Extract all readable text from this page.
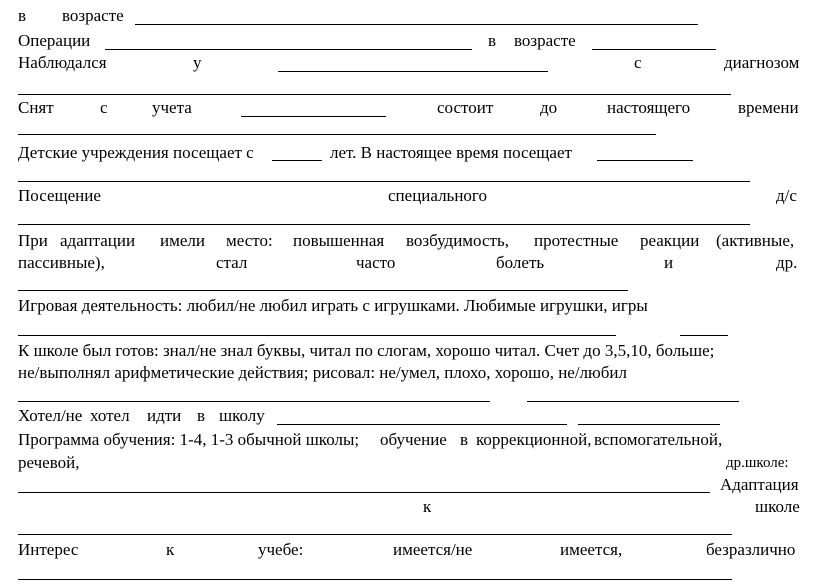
в возрасте
Операции	в возрасте
Наблюдался	у	с	диагнозом
Снят	с	учета	состоит	до	настоящего	времени
Детские учреждения посещает с	лет. В настоящее время посещает
Посещение	специального	д/с
При адаптации имели место: повышенная возбудимость, протестные реакции (активные,
пассивные),	стал	часто	болеть	и	др.
Игровая деятельность: любил/не любил играть с игрушками. Любимые игрушки, игры
К школе был готов: знал/не знал буквы, читал по слогам, хорошо читал. Счет до 3,5,10, больше;
не/выполнял арифметические действия; рисовал: не/умел, плохо, хорошо, не/любил
Хотел/не хотел идти в школу
Программа обучения: 1-4, 1-3 обычной школы; обучение в коррекционной, вспомогательной,
речевой,	др.школе:
Адаптация
к	школе
Интерес	к	учебе:	имеется/не	имеется,	безразлично
